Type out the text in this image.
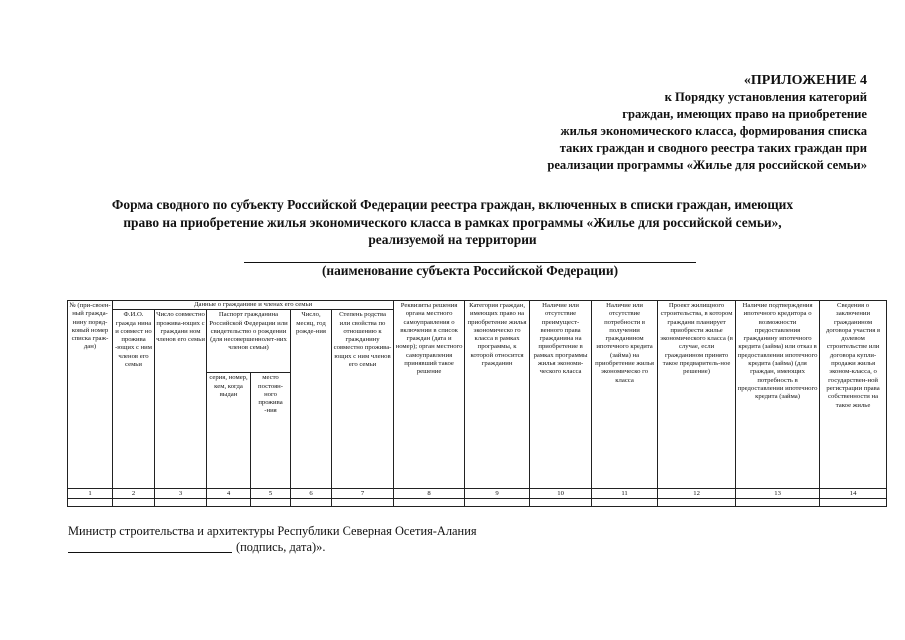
«ПРИЛОЖЕНИЕ 4
к Порядку установления категорий
граждан, имеющих право на приобретение
жилья экономического класса, формирования списка
таких граждан и сводного реестра таких граждан при
реализации программы «Жилье для российской семьи»
Форма сводного по субъекту Российской Федерации реестра граждан, включенных в списки граждан, имеющих
право на приобретение жилья экономического класса в рамках программы «Жилье для российской семьи»,
реализуемой на территории
(наименование субъекта Российской Федерации)
№ (при-своен-ный гражда-нину поряд-ковый номер списка граж-дан)	Данные о гражданине и членах его семьи						Реквизиты решения органа местного самоуправления о включении в список граждан (дата и номер); орган местного самоуправления принявший такое решение	Категория граждан, имеющих право на приобретение жилья экономическо го класса в рамках программы, к которой относится гражданин	Наличие или отсутствие преимущест-венного права гражданина на приобретение в рамках программы жилья экономи-ческого класса	Наличие или отсутствие потребности в получении гражданином ипотечного кредита (займа) на приобретение жилья экономическо го класса	Проект жилищного строительства, в котором граждани планирует приобрести жилье экономического класса (в случае, если гражданином принято такое предваритель-ное решение)	Наличие подтверждения ипотечного кредитора о возможности предоставления гражданину ипотечного кредита (займа) или отказ в предоставлении ипотечного кредита (займа) (для граждан, имеющих потребность в предоставлении ипотечного кредита (займа)	Сведения о заключении гражданином договора участия в долевом строительстве или договора купли-продажи жилья эконом-класса, о государствен-ной регистрации права собственности на такое жилье
	Ф.И.О. гражда нина и совмест но прожива -ющих с ним членов его семьи	Число совместно прожива-ющих с граждани ном членов его семьи	Паспорт гражданина Российской Федерации или свидетельство о рождении (для несовершеннолет-них членов семьи)		Число, месяц, год рожде-ния	Степень родства или свойства по отношению к гражданину совместно прожива-ющих с ним членов его семьи							
			серия, номер, кем, когда выдан	место постоян-ного прожива -ния									
1	2	3	4	5	6	7	8	9	10	11	12	13	14

Министр строительства и архитектуры Республики Северная Осетия-Алания
(подпись, дата)».
